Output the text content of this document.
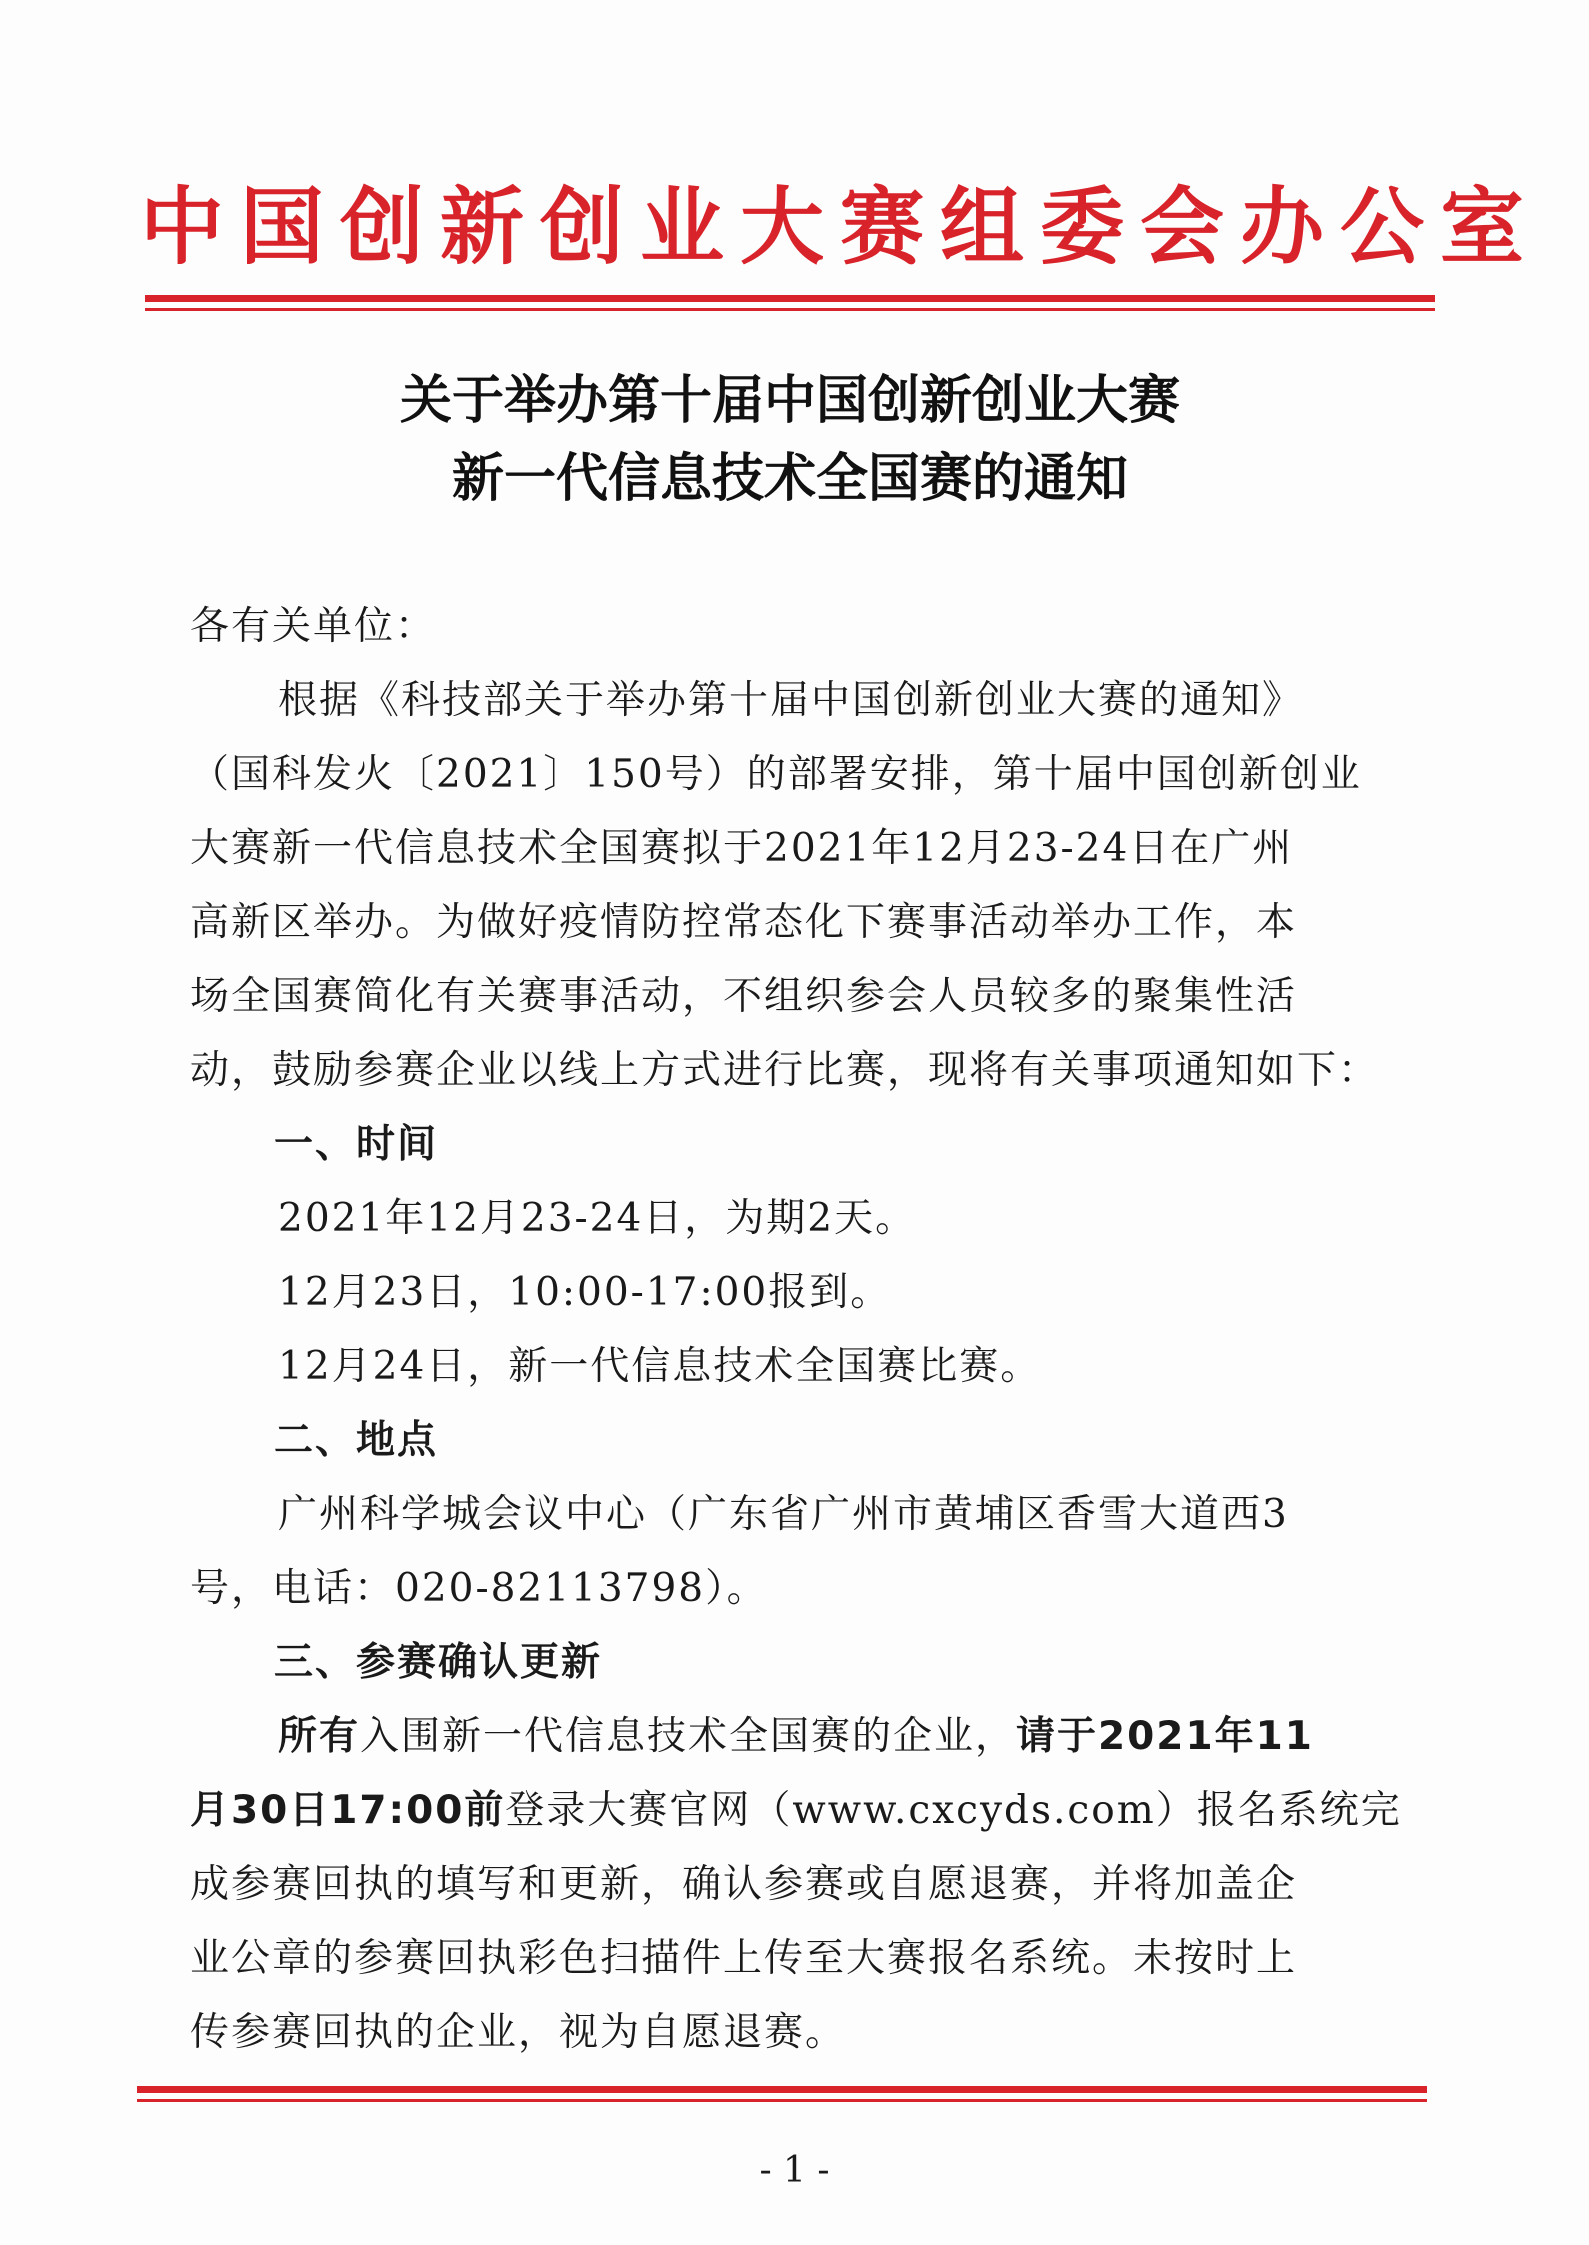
中国创新创业大赛组委会办公室
关于举办第十届中国创新创业大赛
新一代信息技术全国赛的通知
各有关单位：
根据《科技部关于举办第十届中国创新创业大赛的通知》
（国科发火〔2021〕150号）的部署安排，第十届中国创新创业
大赛新一代信息技术全国赛拟于2021年12月23-24日在广州
高新区举办。为做好疫情防控常态化下赛事活动举办工作，本
场全国赛简化有关赛事活动，不组织参会人员较多的聚集性活
动，鼓励参赛企业以线上方式进行比赛，现将有关事项通知如下：
一、时间
2021年12月23-24日，为期2天。
12月23日，10:00-17:00报到。
12月24日，新一代信息技术全国赛比赛。
二、地点
广州科学城会议中心（广东省广州市黄埔区香雪大道西3
号，电话：020-82113798）。
三、参赛确认更新
所有入围新一代信息技术全国赛的企业，请于2021年11
月30日17:00前登录大赛官网（www.cxcyds.com）报名系统完
成参赛回执的填写和更新，确认参赛或自愿退赛，并将加盖企
业公章的参赛回执彩色扫描件上传至大赛报名系统。未按时上
传参赛回执的企业，视为自愿退赛。
- 1 -
